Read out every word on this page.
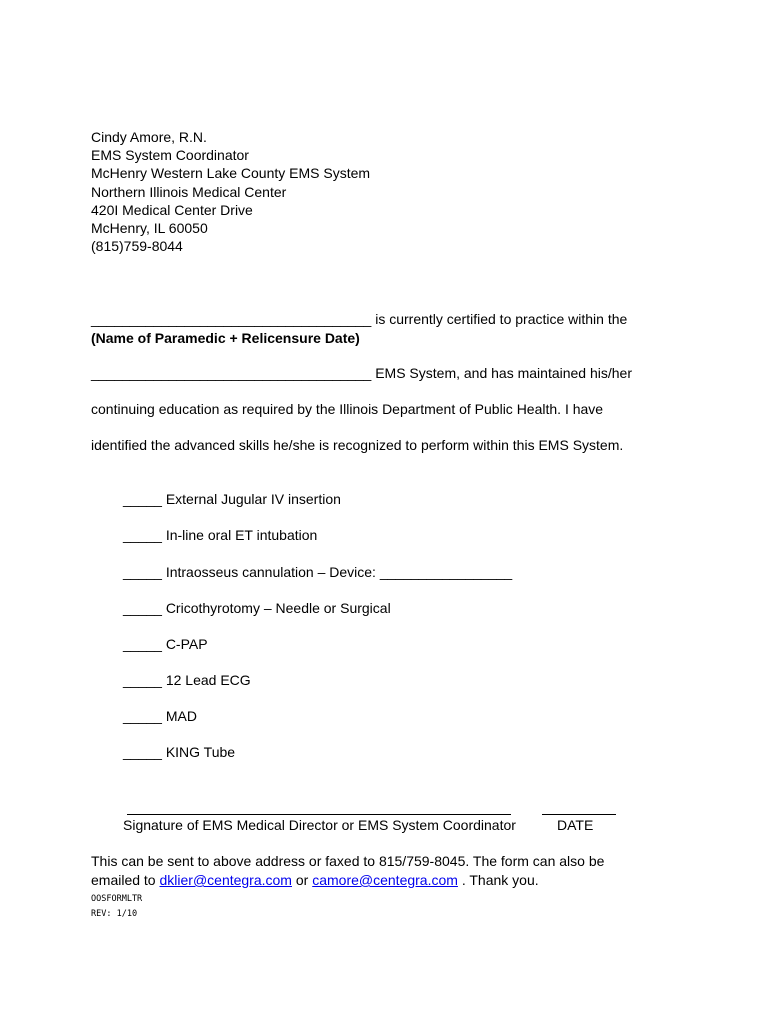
Cindy Amore, R.N.
EMS System Coordinator
McHenry Western Lake County EMS System
Northern Illinois Medical Center
420I Medical Center Drive
McHenry, IL 60050
(815)759-8044
____________________________________ is currently certified to practice within the
(Name of Paramedic + Relicensure Date)
____________________________________ EMS System, and has maintained his/her
continuing education as required by the Illinois Department of Public Health. I have
identified the advanced skills he/she is recognized to perform within this EMS System.
_____ External Jugular IV insertion
_____ In-line oral ET intubation
_____ Intraosseus cannulation – Device: _________________
_____ Cricothyrotomy – Needle or Surgical
_____ C-PAP
_____ 12 Lead ECG
_____ MAD
_____ KING Tube
Signature of EMS Medical Director or EMS System Coordinator	DATE
This can be sent to above address or faxed to 815/759-8045. The form can also be
emailed to dklier@centegra.com or camore@centegra.com . Thank you.
OOSFORMLTR
REV: 1/10
